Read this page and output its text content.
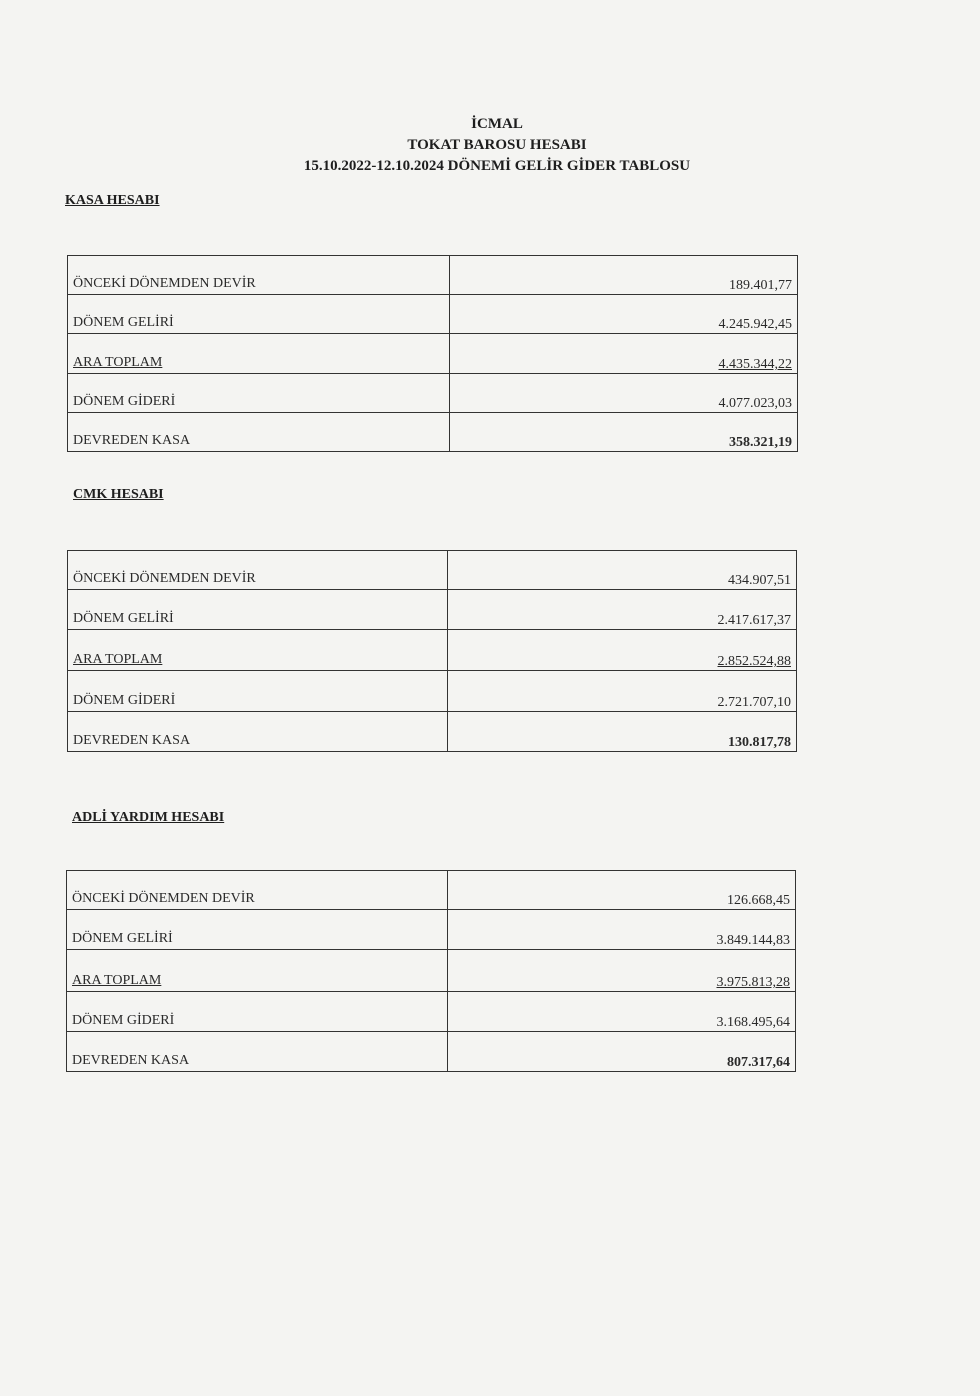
İCMAL
TOKAT BAROSU HESABI
15.10.2022-12.10.2024 DÖNEMİ GELİR GİDER TABLOSU
KASA HESABI
ÖNCEKİ DÖNEMDEN DEVİR	189.401,77
DÖNEM GELİRİ	4.245.942,45
ARA TOPLAM	4.435.344,22
DÖNEM GİDERİ	4.077.023,03
DEVREDEN KASA	358.321,19
CMK HESABI
ÖNCEKİ DÖNEMDEN DEVİR	434.907,51
DÖNEM GELİRİ	2.417.617,37
ARA TOPLAM	2.852.524,88
DÖNEM GİDERİ	2.721.707,10
DEVREDEN KASA	130.817,78
ADLİ YARDIM HESABI
ÖNCEKİ DÖNEMDEN DEVİR	126.668,45
DÖNEM GELİRİ	3.849.144,83
ARA TOPLAM	3.975.813,28
DÖNEM GİDERİ	3.168.495,64
DEVREDEN KASA	807.317,64
